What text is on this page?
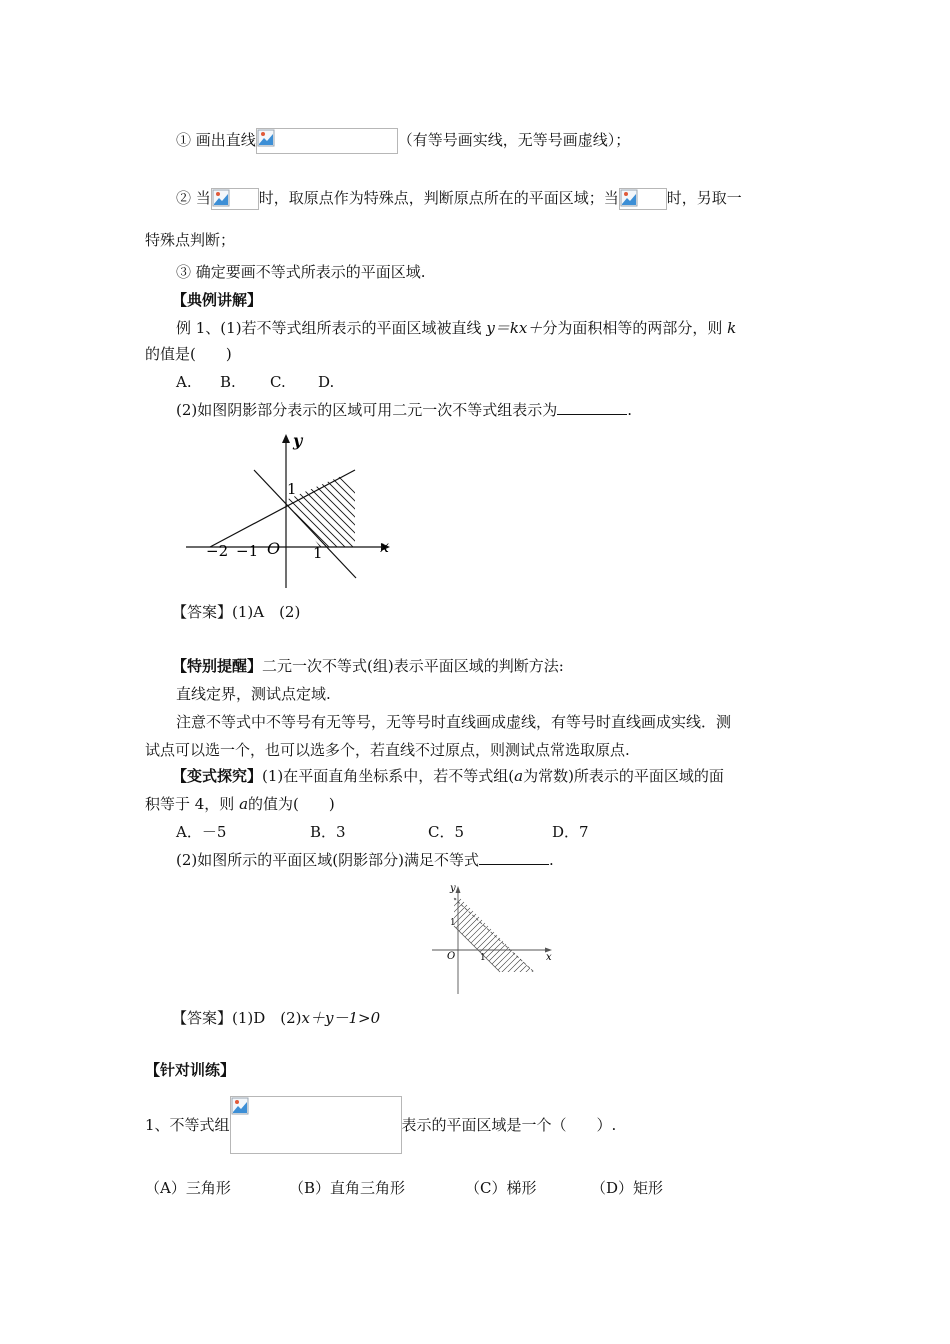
① 画出直线	（有等号画实线，无等号画虚线）；
② 当	时，取原点作为特殊点，判断原点所在的平面区域；当	时，另取一
特殊点判断；
③ 确定要画不等式所表示的平面区域.
【典例讲解】
例 1、(1)若不等式组所表示的平面区域被直线 y＝kx＋分为面积相等的两部分，则 k
的值是(　　)
A. B. C. D.
(2)如图阴影部分表示的区域可用二元一次不等式组表示为	.
y
x
O
−2 −1	1
1
【答案】(1)A　(2)
【特别提醒】二元一次不等式(组)表示平面区域的判断方法:
直线定界，测试点定域.
注意不等式中不等号有无等号，无等号时直线画成虚线，有等号时直线画成实线．测
试点可以选一个，也可以选多个，若直线不过原点，则测试点常选取原点.
【变式探究】(1)在平面直角坐标系中，若不等式组(a为常数)所表示的平面区域的面
积等于 4，则 a的值为(　　)
A．－5	B．3	C．5	D．7
(2)如图所示的平面区域(阴影部分)满足不等式	.
y
x
O	1
1
【答案】(1)D　(2)x＋y－1>0
【针对训练】
1、不等式组	表示的平面区域是一个（　　）.
（A）三角形	（B）直角三角形	（C）梯形	（D）矩形
